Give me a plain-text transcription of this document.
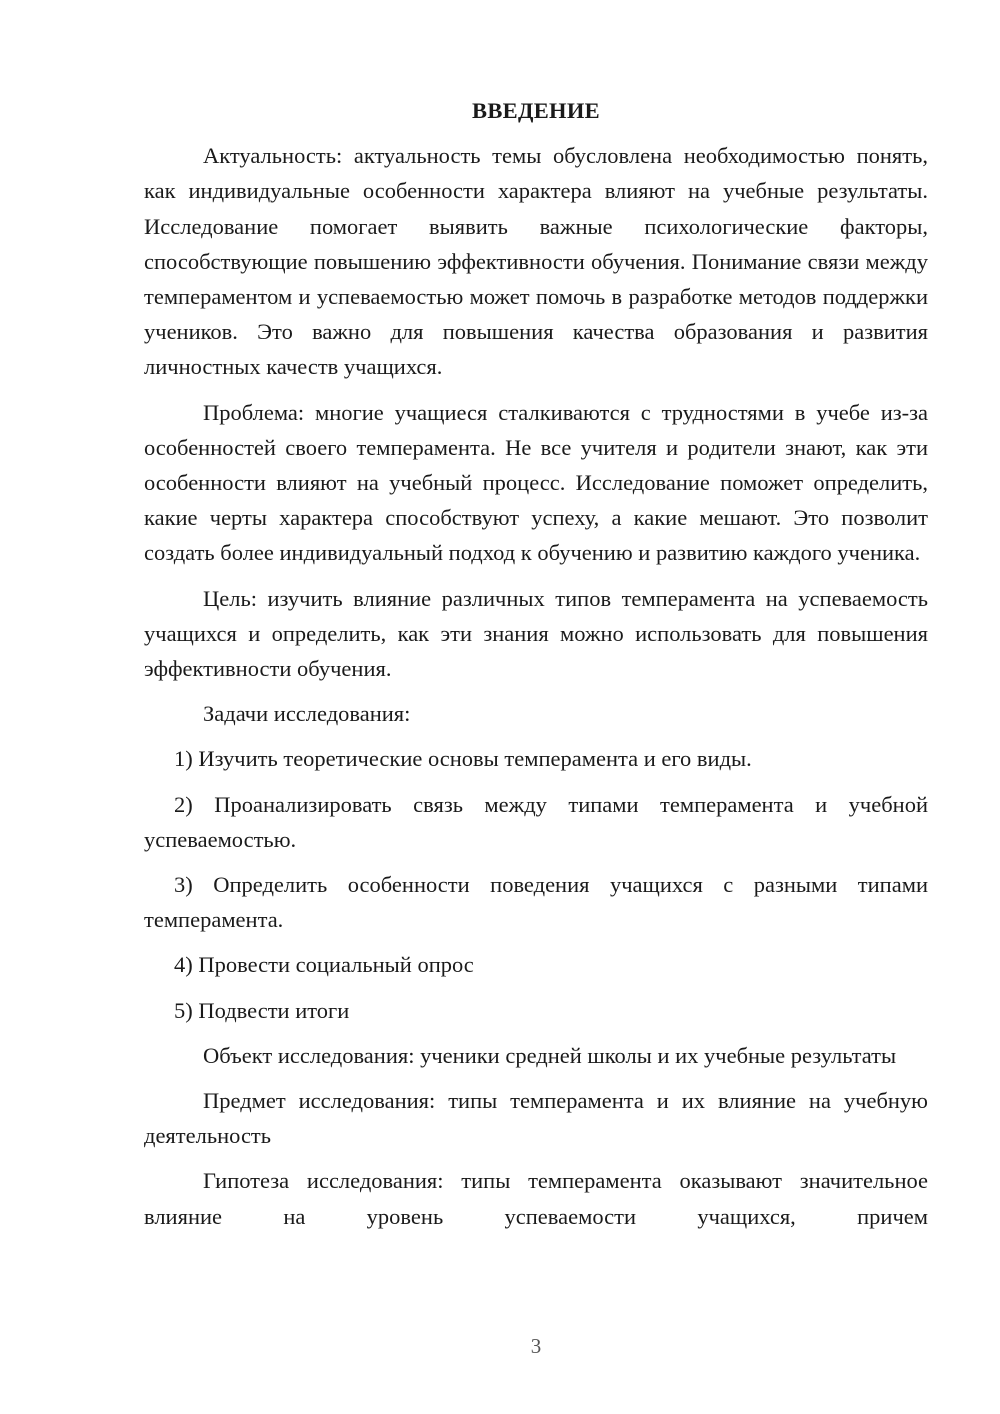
ВВЕДЕНИЕ

Актуальность: актуальность темы обусловлена необходимостью понять, как индивидуальные особенности характера влияют на учебные результаты. Исследование помогает выявить важные психологические факторы, способствующие повышению эффективности обучения. Понимание связи между темпераментом и успеваемостью может помочь в разработке методов поддержки учеников. Это важно для повышения качества образования и развития личностных качеств учащихся.

Проблема: многие учащиеся сталкиваются с трудностями в учебе из-за особенностей своего темперамента. Не все учителя и родители знают, как эти особенности влияют на учебный процесс. Исследование поможет определить, какие черты характера способствуют успеху, а какие мешают. Это позволит создать более индивидуальный подход к обучению и развитию каждого ученика.

Цель: изучить влияние различных типов темперамента на успеваемость учащихся и определить, как эти знания можно использовать для повышения эффективности обучения.

Задачи исследования:

1) Изучить теоретические основы темперамента и его виды.

2) Проанализировать связь между типами темперамента и учебной успеваемостью.

3) Определить особенности поведения учащихся с разными типами темперамента.

4) Провести социальный опрос

5) Подвести итоги

Объект исследования: ученики средней школы и их учебные результаты

Предмет исследования: типы темперамента и их влияние на учебную деятельность

Гипотеза исследования: типы темперамента оказывают значительное влияние на уровень успеваемости учащихся, причем

3
